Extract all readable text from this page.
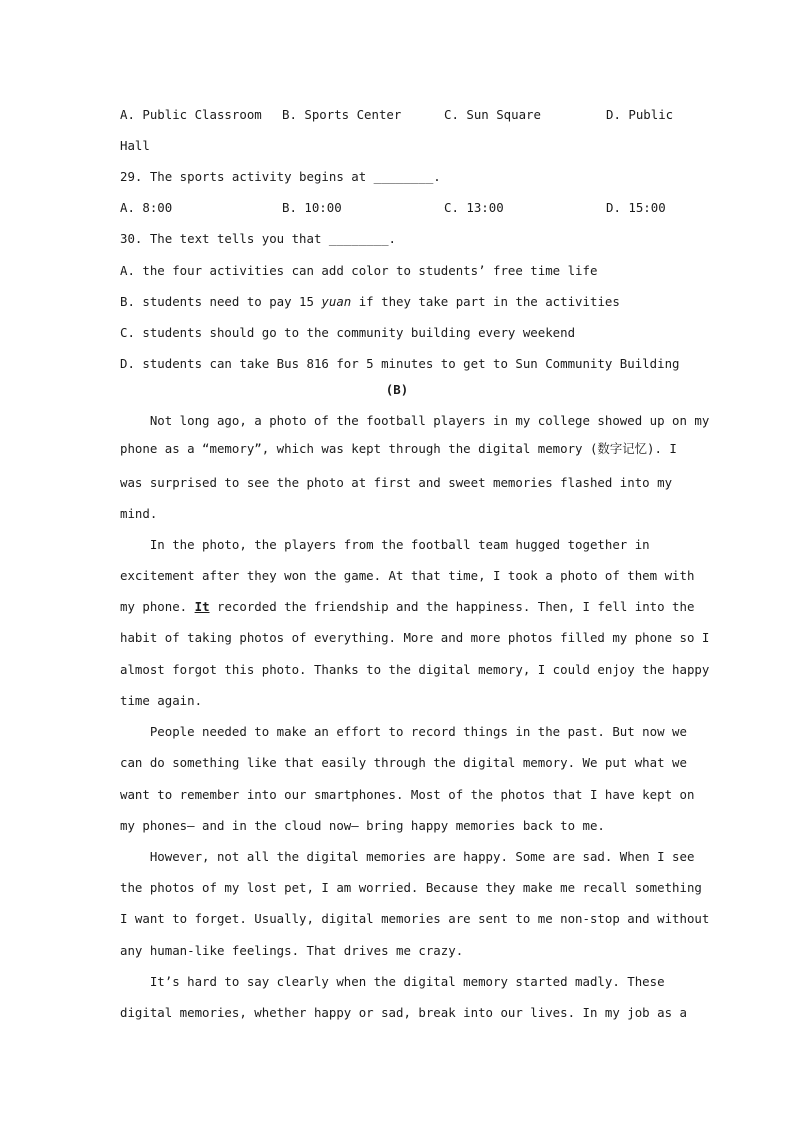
A. Public Classroom B. Sports Center	C. Sun Square	D. Public
Hall
29. The sports activity begins at ________.
A. 8:00	B. 10:00	C. 13:00	D. 15:00
30. The text tells you that ________.
A. the four activities can add color to students’ free time life
B. students need to pay 15 yuan if they take part in the activities
C. students should go to the community building every weekend
D. students can take Bus 816 for 5 minutes to get to Sun Community Building
(B)
Not long ago, a photo of the football players in my college showed up on my
phone as a “memory”, which was kept through the digital memory (数字记忆). I
was surprised to see the photo at first and sweet memories flashed into my
mind.
In the photo, the players from the football team hugged together in
excitement after they won the game. At that time, I took a photo of them with
my phone. It recorded the friendship and the happiness. Then, I fell into the
habit of taking photos of everything. More and more photos filled my phone so I
almost forgot this photo. Thanks to the digital memory, I could enjoy the happy
time again.
People needed to make an effort to record things in the past. But now we
can do something like that easily through the digital memory. We put what we
want to remember into our smartphones. Most of the photos that I have kept on
my phones— and in the cloud now— bring happy memories back to me.
However, not all the digital memories are happy. Some are sad. When I see
the photos of my lost pet, I am worried. Because they make me recall something
I want to forget. Usually, digital memories are sent to me non-stop and without
any human-like feelings. That drives me crazy.
It’s hard to say clearly when the digital memory started madly. These
digital memories, whether happy or sad, break into our lives. In my job as a
